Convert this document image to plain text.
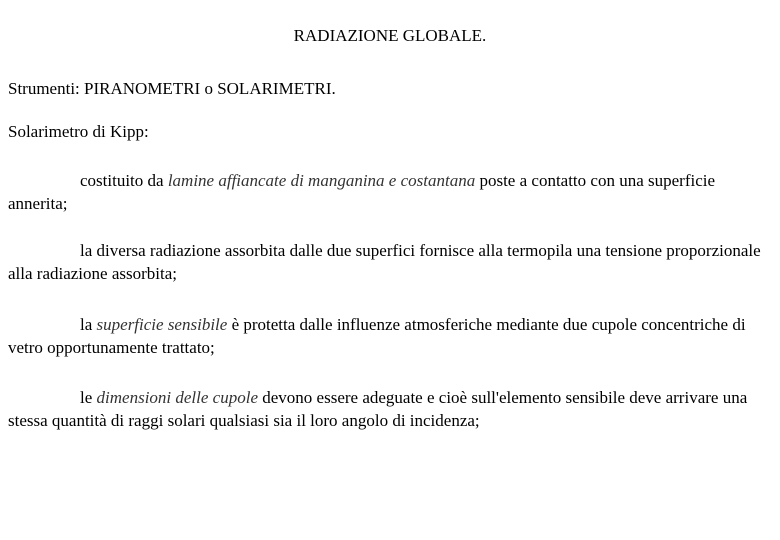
RADIAZIONE GLOBALE.

Strumenti: PIRANOMETRI o SOLARIMETRI.

Solarimetro di Kipp:

costituito da lamine affiancate di manganina e costantana poste a contatto con una superficie annerita;

la diversa radiazione assorbita dalle due superfici fornisce alla termopila una tensione proporzionale alla radiazione assorbita;

la superficie sensibile è protetta dalle influenze atmosferiche mediante due cupole concentriche di vetro opportunamente trattato;

le dimensioni delle cupole devono essere adeguate e cioè sull'elemento sensibile deve arrivare una stessa quantità di raggi solari qualsiasi sia il loro angolo di incidenza;
